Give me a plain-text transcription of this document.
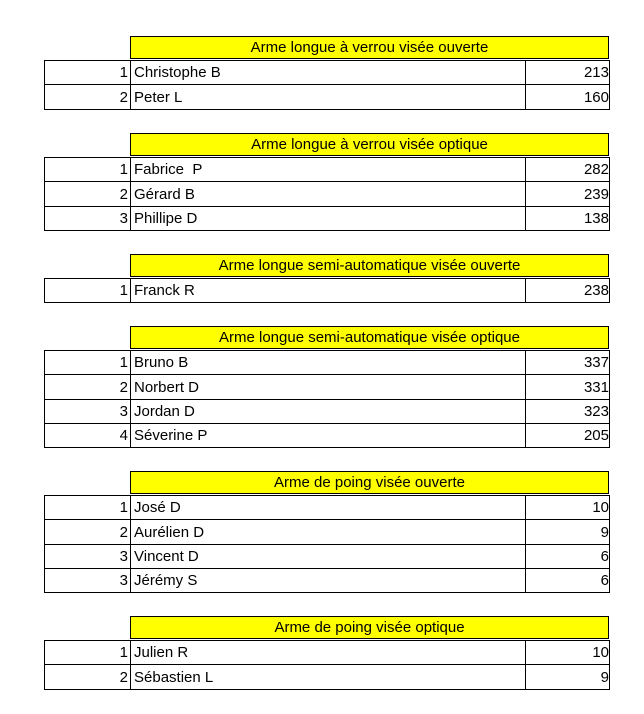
Arme longue à verrou visée ouverte
1 Christophe B	213
2 Peter L	160
Arme longue à verrou visée optique
1 Fabrice  P	282
2 Gérard B	239
3 Phillipe D	138
Arme longue semi-automatique visée ouverte
1 Franck R	238
Arme longue semi-automatique visée optique
1 Bruno B	337
2 Norbert D	331
3 Jordan D	323
4 Séverine P	205
Arme de poing visée ouverte
1 José D	10
2 Aurélien D	9
3 Vincent D	6
3 Jérémy S	6
Arme de poing visée optique
1 Julien R	10
2 Sébastien L	9
